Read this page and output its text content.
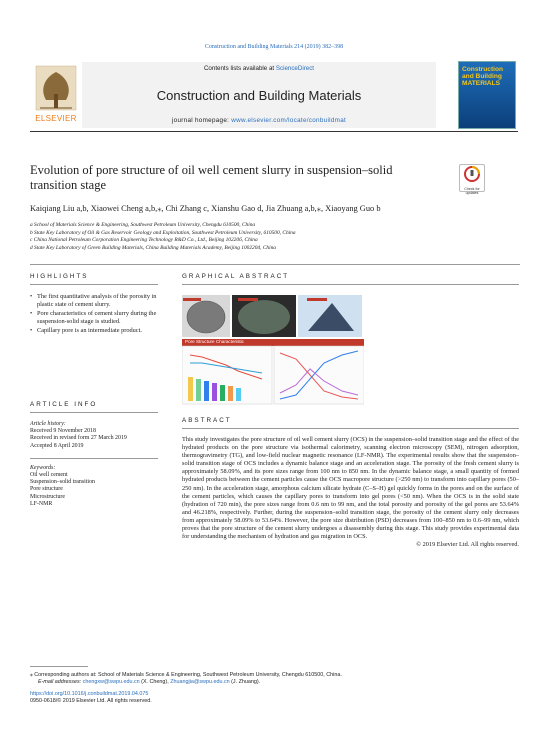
Construction and Building Materials 214 (2019) 382–398
ELSEVIER
Contents lists available at ScienceDirect
Construction and Building Materials
journal homepage: www.elsevier.com/locate/conbuildmat
Construction and Building MATERIALS
Evolution of pore structure of oil well cement slurry in suspension–solid transition stage	Check for updates
Kaiqiang Liu a,b, Xiaowei Cheng a,b,⁎, Chi Zhang c, Xianshu Gao d, Jia Zhuang a,b,⁎, Xiaoyang Guo b
a School of Materials Science & Engineering, Southwest Petroleum University, Chengdu 610500, China
b State Key Laboratory of Oil & Gas Reservoir Geology and Exploitation, Southwest Petroleum University, 610500, China
c China National Petroleum Corporation Engineering Technology R&D Co., Ltd., Beijing 102206, China
d State Key Laboratory of Green Building Materials, China Building Materials Academy, Beijing 1002204, China
HIGHLIGHTS
• The first quantitative analysis of the porosity in plastic state of cement slurry.
• Pore characteristics of cement slurry during the suspension-solid stage is studied.
• Capillary pore is an intermediate product.
GRAPHICAL ABSTRACT
Pore Structure Characteristic
ARTICLE INFO
Article history:
Received 9 November 2018
Received in revised form 27 March 2019
Accepted 8 April 2019
Keywords:
Oil well cement
Suspension–solid transition
Pore structure
Microstructure
LF-NMR
ABSTRACT
This study investigates the pore structure of oil well cement slurry (OCS) in the suspension–solid transition stage and the effect of the hydrated products on the pore structure via isothermal calorimetry, scanning electron microscopy (SEM), nitrogen adsorption, thermogravimetry (TG), and low-field nuclear magnetic resonance (LF-NMR). The experimental results show that the suspension–solid transition stage of OCS includes a dynamic balance stage and an acceleration stage. The porosity of the fresh cement slurry is approximately 58.09%, and its pore sizes range from 100 nm to 850 nm. In the dynamic balance stage, a small quantity of formed hydrated products between the cement particles cause the OCS macropore structure (>250 nm) to transform into capillary pores (50–250 nm). In the acceleration stage, amorphous calcium silicate hydrate (C–S–H) gel quickly forms in the pores and on the surface of the cement particles, which causes the capillary pores to transform into gel pores (<50 nm). When the OCS is in the solid state (hydration of 720 min), the pore sizes range from 0.6 nm to 99 nm, and the total porosity and porosity of the gel pores are 53.64% and 46.218%, respectively. Further, during the suspension–solid transition stage, the porosity of the cement slurry only decreases from approximately 58.09% to 53.64%. However, the pore size distribution (PSD) decreases from 100–850 nm to 0.6–99 nm, which proves that the pore structure of the cement slurry undergoes a disassembly during this stage. This study provides experimental data for understanding the mechanism of hydration and gas migration in OCS.
© 2019 Elsevier Ltd. All rights reserved.
⁎ Corresponding authors at: School of Materials Science & Engineering, Southwest Petroleum University, Chengdu 610500, China.
E-mail addresses: chengxw@swpu.edu.cn (X. Cheng), Zhuangjia@swpu.edu.cn (J. Zhuang).
https://doi.org/10.1016/j.conbuildmat.2019.04.075
0950-0618/© 2019 Elsevier Ltd. All rights reserved.
